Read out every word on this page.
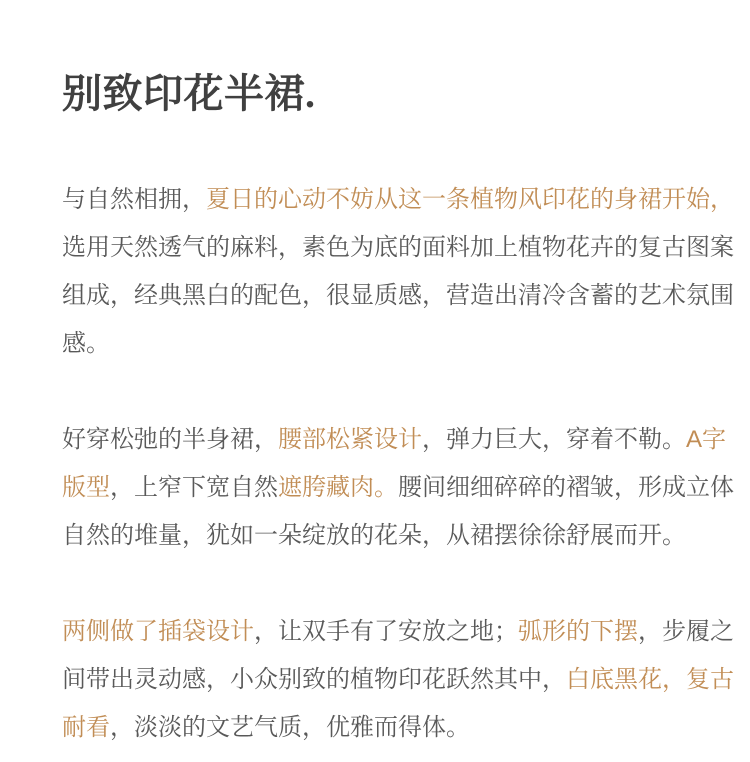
别致印花半裙.

与自然相拥，夏日的心动不妨从这一条植物风印花的身裙开始，选用天然透气的麻料，素色为底的面料加上植物花卉的复古图案组成，经典黑白的配色，很显质感，营造出清冷含蓄的艺术氛围感。

好穿松弛的半身裙，腰部松紧设计，弹力巨大，穿着不勒。A字版型，上窄下宽自然遮胯藏肉。腰间细细碎碎的褶皱，形成立体自然的堆量，犹如一朵绽放的花朵，从裙摆徐徐舒展而开。

两侧做了插袋设计，让双手有了安放之地；弧形的下摆，步履之间带出灵动感，小众别致的植物印花跃然其中，白底黑花，复古耐看，淡淡的文艺气质，优雅而得体。
